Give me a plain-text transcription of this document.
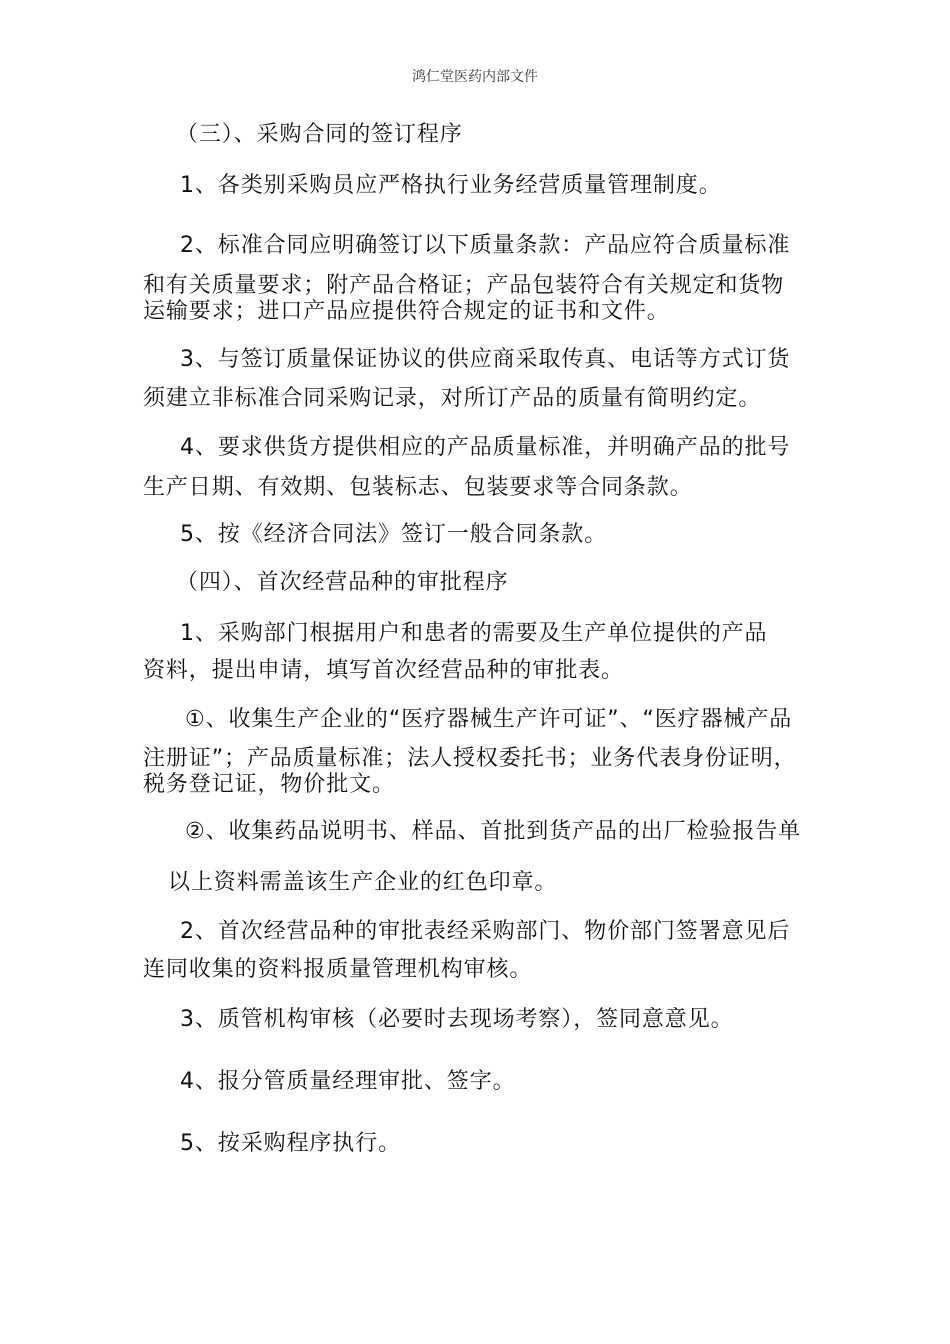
鸿仁堂医药内部文件
（三）、采购合同的签订程序
1、各类别采购员应严格执行业务经营质量管理制度。
2、标准合同应明确签订以下质量条款：产品应符合质量标准
和有关质量要求；附产品合格证；产品包装符合有关规定和货物
运输要求；进口产品应提供符合规定的证书和文件。
3、与签订质量保证协议的供应商采取传真、电话等方式订货
须建立非标准合同采购记录，对所订产品的质量有简明约定。
4、要求供货方提供相应的产品质量标准，并明确产品的批号
生产日期、有效期、包装标志、包装要求等合同条款。
5、按《经济合同法》签订一般合同条款。
（四）、首次经营品种的审批程序
1、采购部门根据用户和患者的需要及生产单位提供的产品
资料，提出申请，填写首次经营品种的审批表。
①、收集生产企业的“医疗器械生产许可证”、“医疗器械产品
注册证”；产品质量标准；法人授权委托书；业务代表身份证明，
税务登记证，物价批文。
②、收集药品说明书、样品、首批到货产品的出厂检验报告单
以上资料需盖该生产企业的红色印章。
2、首次经营品种的审批表经采购部门、物价部门签署意见后
连同收集的资料报质量管理机构审核。
3、质管机构审核（必要时去现场考察），签同意意见。
4、报分管质量经理审批、签字。
5、按采购程序执行。
